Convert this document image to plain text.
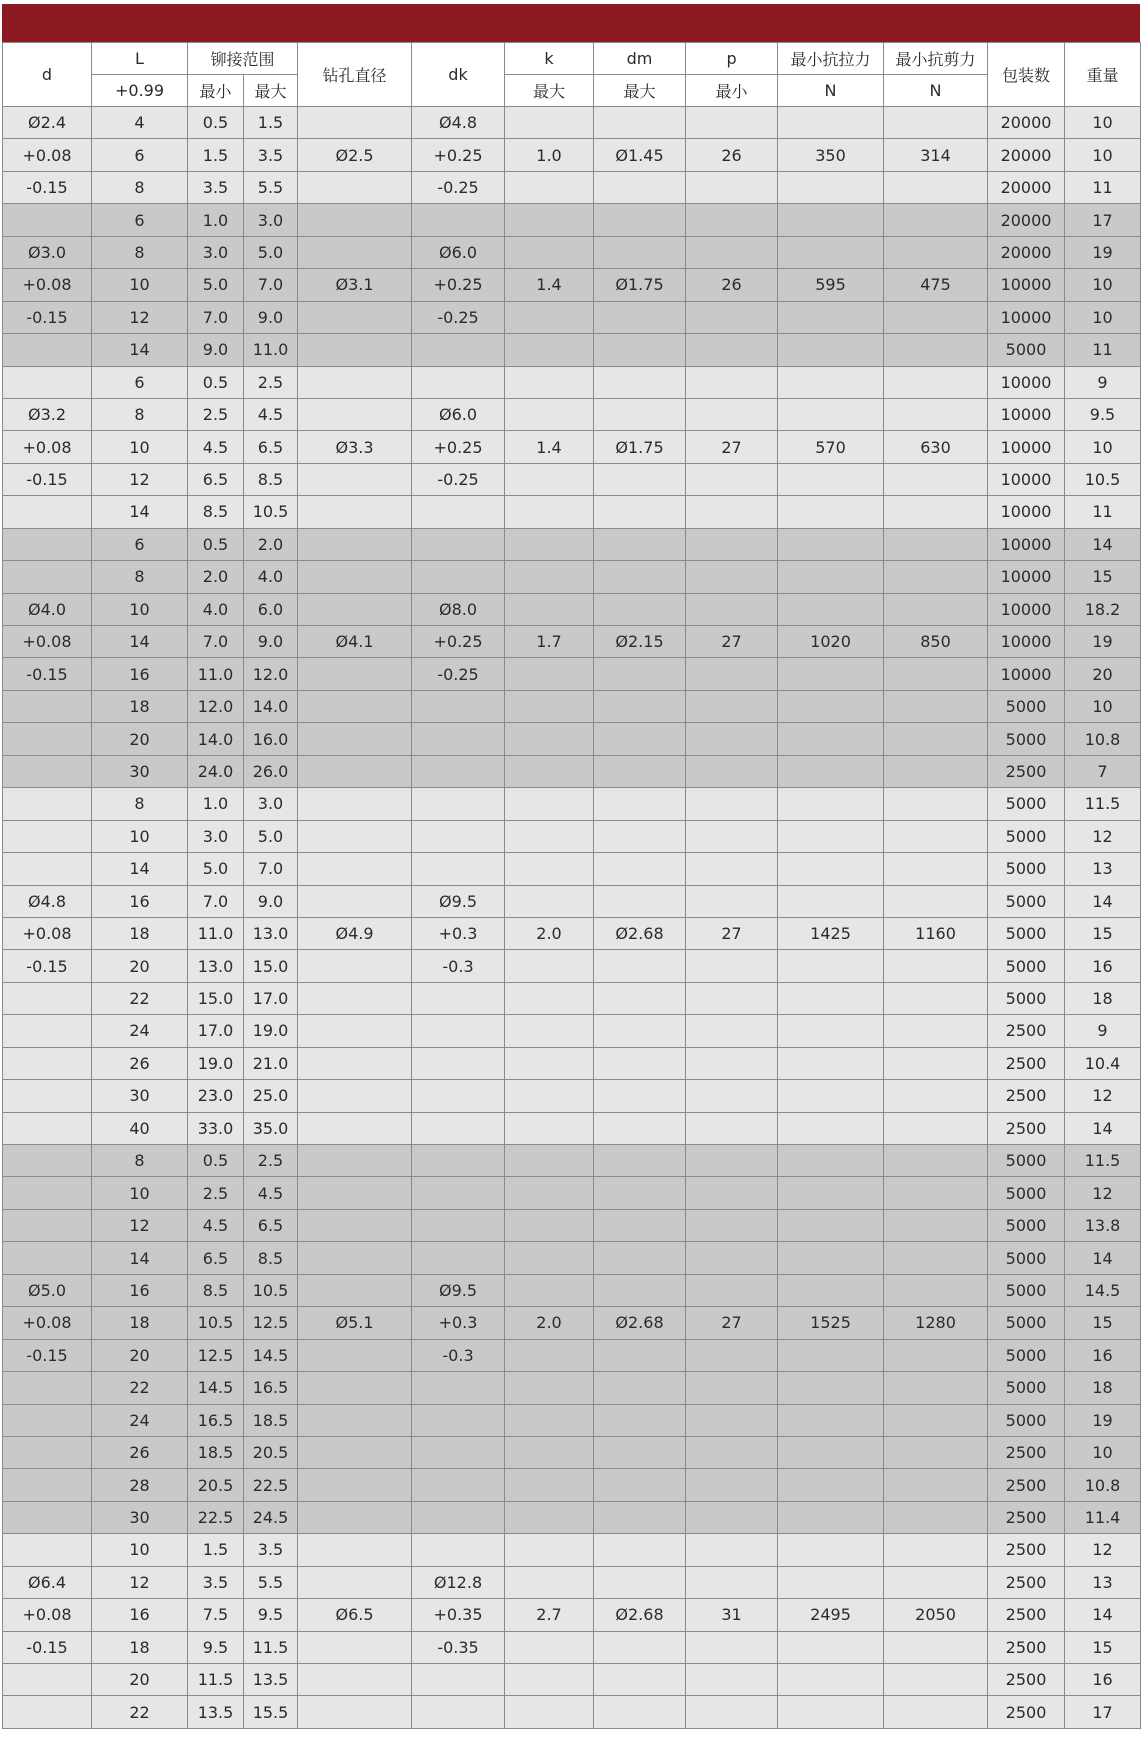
d	L	铆接范围		钻孔直径	dk	k	dm	p	最小抗拉力	最小抗剪力	包装数	重量
	+0.99	最小	最大			最大	最大	最小	N	N		
Ø2.4	4	0.5	1.5		Ø4.8						20000	10
+0.08	6	1.5	3.5	Ø2.5	+0.25	1.0	Ø1.45	26	350	314	20000	10
-0.15	8	3.5	5.5		-0.25						20000	11
	6	1.0	3.0								20000	17
Ø3.0	8	3.0	5.0		Ø6.0						20000	19
+0.08	10	5.0	7.0	Ø3.1	+0.25	1.4	Ø1.75	26	595	475	10000	10
-0.15	12	7.0	9.0		-0.25						10000	10
	14	9.0	11.0								5000	11
	6	0.5	2.5								10000	9
Ø3.2	8	2.5	4.5		Ø6.0						10000	9.5
+0.08	10	4.5	6.5	Ø3.3	+0.25	1.4	Ø1.75	27	570	630	10000	10
-0.15	12	6.5	8.5		-0.25						10000	10.5
	14	8.5	10.5								10000	11
	6	0.5	2.0								10000	14
	8	2.0	4.0								10000	15
Ø4.0	10	4.0	6.0		Ø8.0						10000	18.2
+0.08	14	7.0	9.0	Ø4.1	+0.25	1.7	Ø2.15	27	1020	850	10000	19
-0.15	16	11.0	12.0		-0.25						10000	20
	18	12.0	14.0								5000	10
	20	14.0	16.0								5000	10.8
	30	24.0	26.0								2500	7
	8	1.0	3.0								5000	11.5
	10	3.0	5.0								5000	12
	14	5.0	7.0								5000	13
Ø4.8	16	7.0	9.0		Ø9.5						5000	14
+0.08	18	11.0	13.0	Ø4.9	+0.3	2.0	Ø2.68	27	1425	1160	5000	15
-0.15	20	13.0	15.0		-0.3						5000	16
	22	15.0	17.0								5000	18
	24	17.0	19.0								2500	9
	26	19.0	21.0								2500	10.4
	30	23.0	25.0								2500	12
	40	33.0	35.0								2500	14
	8	0.5	2.5								5000	11.5
	10	2.5	4.5								5000	12
	12	4.5	6.5								5000	13.8
	14	6.5	8.5								5000	14
Ø5.0	16	8.5	10.5		Ø9.5						5000	14.5
+0.08	18	10.5	12.5	Ø5.1	+0.3	2.0	Ø2.68	27	1525	1280	5000	15
-0.15	20	12.5	14.5		-0.3						5000	16
	22	14.5	16.5								5000	18
	24	16.5	18.5								5000	19
	26	18.5	20.5								2500	10
	28	20.5	22.5								2500	10.8
	30	22.5	24.5								2500	11.4
	10	1.5	3.5								2500	12
Ø6.4	12	3.5	5.5		Ø12.8						2500	13
+0.08	16	7.5	9.5	Ø6.5	+0.35	2.7	Ø2.68	31	2495	2050	2500	14
-0.15	18	9.5	11.5		-0.35						2500	15
	20	11.5	13.5								2500	16
	22	13.5	15.5								2500	17
